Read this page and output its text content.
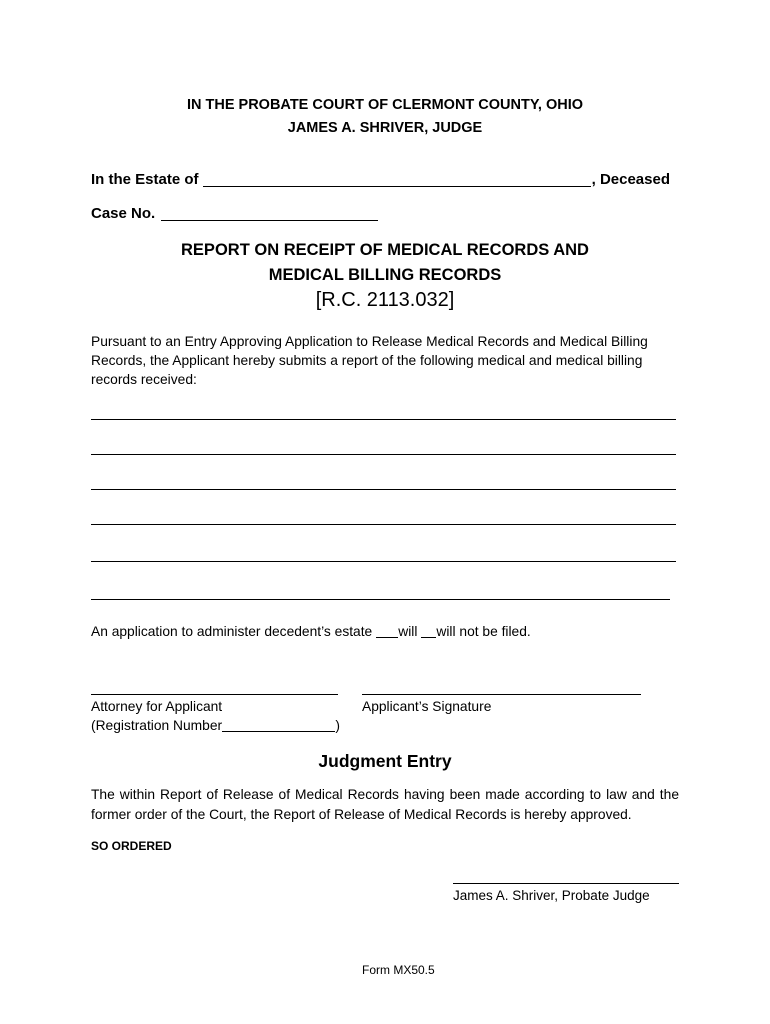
IN THE PROBATE COURT OF CLERMONT COUNTY, OHIO
JAMES A. SHRIVER, JUDGE
In the Estate of	, Deceased
Case No.
REPORT ON RECEIPT OF MEDICAL RECORDS AND
MEDICAL BILLING RECORDS
[R.C. 2113.032]
Pursuant to an Entry Approving Application to Release Medical Records and Medical Billing
Records, the Applicant hereby submits a report of the following medical and medical billing
records received:
An application to administer decedent’s estate will will not be filed.
Attorney for Applicant	Applicant’s Signature
(Registration Number	)
Judgment Entry
The within Report of Release of Medical Records having been made according to law and the
former order of the Court, the Report of Release of Medical Records is hereby approved.
SO ORDERED
James A. Shriver, Probate Judge
Form MX50.5
